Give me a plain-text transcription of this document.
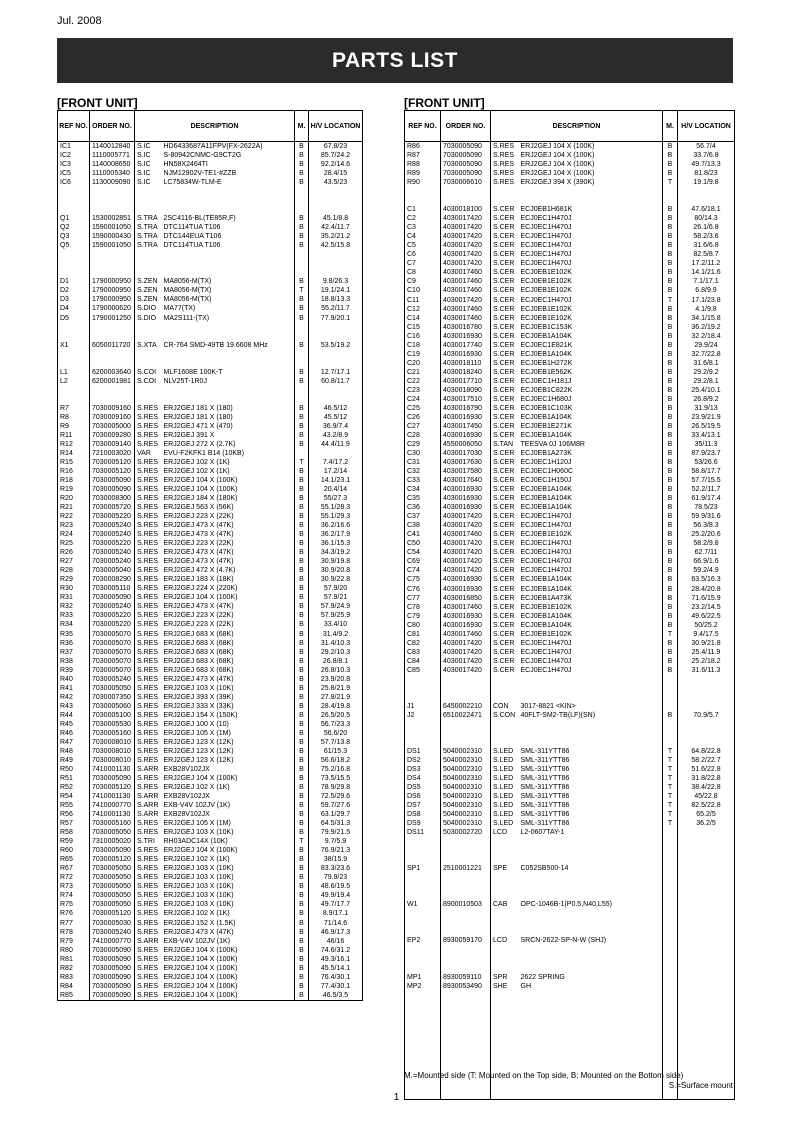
Jul. 2008
PARTS LIST
[FRONT UNIT]
REF NO.	ORDER NO.	DESCRIPTION		M.	H/V LOCATION
IC1	1140012840	S.IC	HD6433687A11FPV(FX-2622A)	B	67.8/23
IC2	1110005771	S.IC	S-80942CNMC-G9CT2G	B	85.7/24.2
IC3	1140008650	S.IC	HN58X2464TI	B	92.2/14.6
IC5	1110005340	S.IC	NJM12902V-TE1-#ZZB	B	28.4/15
IC6	1130009090	S.IC	LC75834W-TLM-E	B	43.5/23

Q1	1530002851	S.TRA	2SC4116-BL(TE85R,F)	B	45.1/8.8
Q2	1590001050	S.TRA	DTC114TUA T106	B	42.4/11.7
Q3	1590000430	S.TRA	DTC144EUA T106	B	35.2/21.2
Q5	1590001050	S.TRA	DTC114TUA T106	B	42.5/15.8

D1	1790000950	S.ZEN	MA8056-M(TX)	B	9.8/26.3
D2	1790000950	S.ZEN	MA8056-M(TX)	T	19.1/24.1
D3	1790000950	S.ZEN	MA8056-M(TX)	B	18.8/13.3
D4	1790000620	S.DIO	MA77(TX)	B	55.2/11.7
D5	1790001250	S.DIO	MA2S111-(TX)	B	77.9/20.1

X1	6050011720	S.XTA	CR-764 SMD-49TB 19.6608 MHz	B	53.5/19.2

L1	6200003640	S.COI	MLF1608E 100K-T	B	12.7/17.1
L2	6200001981	S.COI	NLV25T-1R0J	B	60.8/11.7

R7	7030009160	S.RES	ERJ2GEJ 181 X (180)	B	46.5/12
R8	7030009160	S.RES	ERJ2GEJ 181 X (180)	B	45.5/12
R9	7030005000	S.RES	ERJ2GEJ 471 X (470)	B	36.9/7.4
R11	7030009280	S.RES	ERJ2GEJ 391 X	B	43.2/8.9
R12	7030009140	S.RES	ERJ2GEJ 272 X (2.7K)	B	44.4/11.9
R14	7210003020	VAR	EVU-F2KFK1 B14 (10KB)		
R15	7030005120	S.RES	ERJ2GEJ 102 X (1K)	T	7.4/17.2
R16	7030005120	S.RES	ERJ2GEJ 102 X (1K)	B	17.2/14
R18	7030005090	S.RES	ERJ2GEJ 104 X (100K)	B	14.1/23.1
R19	7030005090	S.RES	ERJ2GEJ 104 X (100K)	B	20.4/14
R20	7030008300	S.RES	ERJ2GEJ 184 X (180K)	B	55/27.3
R21	7030005720	S.RES	ERJ2GEJ 563 X (56K)	B	55.1/28.3
R22	7030005220	S.RES	ERJ2GEJ 223 X (22K)	B	55.1/29.3
R23	7030005240	S.RES	ERJ2GEJ 473 X (47K)	B	36.2/16.6
R24	7030005240	S.RES	ERJ2GEJ 473 X (47K)	B	36.2/17.9
R25	7030005220	S.RES	ERJ2GEJ 223 X (22K)	B	36.1/15.3
R26	7030005240	S.RES	ERJ2GEJ 473 X (47K)	B	34.3/19.2
R27	7030005240	S.RES	ERJ2GEJ 473 X (47K)	B	30.9/19.8
R28	7030005040	S.RES	ERJ2GEJ 472 X (4.7K)	B	30.9/20.8
R29	7030008290	S.RES	ERJ2GEJ 183 X (18K)	B	30.9/22.8
R30	7030005110	S.RES	ERJ2GEJ 224 X (220K)	B	57.9/20
R31	7030005090	S.RES	ERJ2GEJ 104 X (100K)	B	57.9/21
R32	7030005240	S.RES	ERJ2GEJ 473 X (47K)	B	57.9/24.9
R33	7030005220	S.RES	ERJ2GEJ 223 X (22K)	B	57.9/25.9
R34	7030005220	S.RES	ERJ2GEJ 223 X (22K)	B	33.4/10
R35	7030005070	S.RES	ERJ2GEJ 683 X (68K)	B	31.4/9.2
R36	7030005070	S.RES	ERJ2GEJ 683 X (68K)	B	31.4/10.3
R37	7030005070	S.RES	ERJ2GEJ 683 X (68K)	B	29.2/10.3
R38	7030005070	S.RES	ERJ2GEJ 683 X (68K)	B	26.8/8.1
R39	7030005070	S.RES	ERJ2GEJ 683 X (68K)	B	26.8/10.3
R40	7030005240	S.RES	ERJ2GEJ 473 X (47K)	B	23.9/20.8
R41	7030005050	S.RES	ERJ2GEJ 103 X (10K)	B	25.8/21.9
R42	7030007350	S.RES	ERJ2GEJ 393 X (39K)	B	27.8/21.9
R43	7030005060	S.RES	ERJ2GEJ 333 X (33K)	B	28.4/19.8
R44	7030005100	S.RES	ERJ2GEJ 154 X (150K)	B	26.5/20.5
R45	7030005530	S.RES	ERJ2GEJ 100 X (10)	B	56.7/23.3
R46	7030005160	S.RES	ERJ2GEJ 105 X (1M)	B	56.6/20
R47	7030008010	S.RES	ERJ2GEJ 123 X (12K)	B	57.7/13.8
R48	7030008010	S.RES	ERJ2GEJ 123 X (12K)	B	61/15.3
R49	7030008010	S.RES	ERJ2GEJ 123 X (12K)	B	56.6/18.2
R50	7410001130	S.ARR	EXB28V102JX	B	75.2/16.8
R51	7030005090	S.RES	ERJ2GEJ 104 X (100K)	B	73.5/15.5
R52	7030005120	S.RES	ERJ2GEJ 102 X (1K)	B	78.9/29.8
R54	7410001130	S.ARR	EXB28V102JX	B	72.5/29.6
R55	7410000770	S.ARR	EXB-V4V 102JV (1K)	B	59.7/27.6
R56	7410001130	S.ARR	EXB28V102JX	B	63.1/29.7
R57	7030005160	S.RES	ERJ2GEJ 105 X (1M)	B	64.5/31.3
R58	7030005050	S.RES	ERJ2GEJ 103 X (10K)	B	79.9/21.5
R59	7310005020	S.TRI	RH03ADC14X (10K)	T	9.7/5.9
R60	7030005090	S.RES	ERJ2GEJ 104 X (100K)	B	76.9/21.3
R65	7030005120	S.RES	ERJ2GEJ 102 X (1K)	B	38/15.9
R67	7030005050	S.RES	ERJ2GEJ 103 X (10K)	B	83.3/23.6
R72	7030005050	S.RES	ERJ2GEJ 103 X (10K)	B	79.9/23
R73	7030005050	S.RES	ERJ2GEJ 103 X (10K)	B	48.6/19.5
R74	7030005050	S.RES	ERJ2GEJ 103 X (10K)	B	49.9/19.4
R75	7030005050	S.RES	ERJ2GEJ 103 X (10K)	B	49.7/17.7
R76	7030005120	S.RES	ERJ2GEJ 102 X (1K)	B	8.9/17.1
R77	7030005030	S.RES	ERJ2GEJ 152 X (1.5K)	B	71/14.6
R78	7030005240	S.RES	ERJ2GEJ 473 X (47K)	B	46.9/17.3
R79	7410000770	S.ARR	EXB-V4V 102JV (1K)	B	46/16
R80	7030005090	S.RES	ERJ2GEJ 104 X (100K)	B	74.6/31.2
R81	7030005090	S.RES	ERJ2GEJ 104 X (100K)	B	49.3/16.1
R82	7030005090	S.RES	ERJ2GEJ 104 X (100K)	B	45.5/14.1
R83	7030005090	S.RES	ERJ2GEJ 104 X (100K)	B	76.4/30.1
R84	7030005090	S.RES	ERJ2GEJ 104 X (100K)	B	77.4/30.1
R85	7030005090	S.RES	ERJ2GEJ 104 X (100K)	B	46.5/3.5
[FRONT UNIT]
REF NO.	ORDER NO.	DESCRIPTION		M.	H/V LOCATION
R86	7030005090	S.RES	ERJ2GEJ 104 X (100K)	B	56.7/4
R87	7030005090	S.RES	ERJ2GEJ 104 X (100K)	B	33.7/6.8
R88	7030005090	S.RES	ERJ2GEJ 104 X (100K)	B	49.7/13.3
R89	7030005090	S.RES	ERJ2GEJ 104 X (100K)	B	81.8/23
R90	7030006610	S.RES	ERJ2GEJ 394 X (390K)	T	19.1/9.8

C1	4030018100	S.CER	ECJ0EB1H681K	B	47.6/18.1
C2	4030017420	S.CER	ECJ0EC1H470J	B	80/14.3
C3	4030017420	S.CER	ECJ0EC1H470J	B	26.1/6.8
C4	4030017420	S.CER	ECJ0EC1H470J	B	58.2/3.6
C5	4030017420	S.CER	ECJ0EC1H470J	B	31.6/6.8
C6	4030017420	S.CER	ECJ0EC1H470J	B	82.5/8.7
C7	4030017420	S.CER	ECJ0EC1H470J	B	17.2/11.2
C8	4030017460	S.CER	ECJ0EB1E102K	B	14.1/21.6
C9	4030017460	S.CER	ECJ0EB1E102K	B	7.1/17.1
C10	4030017460	S.CER	ECJ0EB1E102K	B	6.8/9.9
C11	4030017420	S.CER	ECJ0EC1H470J	T	17.1/23.8
C12	4030017460	S.CER	ECJ0EB1E102K	B	4.1/9.8
C14	4030017460	S.CER	ECJ0EB1E102K	B	34.1/15.8
C15	4030016780	S.CER	ECJ0EB1C153K	B	36.2/19.2
C16	4030016930	S.CER	ECJ0EB1A104K	B	32.2/18.4
C18	4030017740	S.CER	ECJ0EC1E821K	B	29.9/24
C19	4030016930	S.CER	ECJ0EB1A104K	B	32.7/22.8
C20	4030018110	S.CER	ECJ0EB1H272K	B	31.6/8.1
C21	4030018240	S.CER	ECJ0EB1E562K	B	29.2/9.2
C22	4030017710	S.CER	ECJ0EC1H181J	B	29.2/8.1
C23	4030018090	S.CER	ECJ0EB1C822K	B	25.4/10.1
C24	4030017510	S.CER	ECJ0EC1H680J	B	26.8/9.2
C25	4030016790	S.CER	ECJ0EB1C103K	B	31.9/13
C26	4030016930	S.CER	ECJ0EB1A104K	B	23.9/21.9
C27	4030017450	S.CER	ECJ0EB1E271K	B	26.5/19.5
C28	4030016930	S.CER	ECJ0EB1A104K	B	33.4/13.1
C29	4550006050	S.TAN	TEESVA 0J 106M8R	B	35/11.3
C30	4030017030	S.CER	ECJ0EB1A273K	B	87.9/23.7
C31	4030017630	S.CER	ECJ0EC1H120J	B	53/26.6
C32	4030017580	S.CER	ECJ0EC1H060C	B	58.8/17.7
C33	4030017640	S.CER	ECJ0EC1H150J	B	57.7/15.5
C34	4030016930	S.CER	ECJ0EB1A104K	B	52.2/11.7
C35	4030016930	S.CER	ECJ0EB1A104K	B	61.9/17.4
C36	4030016930	S.CER	ECJ0EB1A104K	B	78.5/23
C37	4030017420	S.CER	ECJ0EC1H470J	B	59.9/31.6
C38	4030017420	S.CER	ECJ0EC1H470J	B	56.3/8.3
C41	4030017460	S.CER	ECJ0EB1E102K	B	25.2/20.6
C50	4030017420	S.CER	ECJ0EC1H470J	B	58.2/9.8
C54	4030017420	S.CER	ECJ0EC1H470J	B	62.7/11
C69	4030017420	S.CER	ECJ0EC1H470J	B	66.9/1.6
C74	4030017420	S.CER	ECJ0EC1H470J	B	59.2/4.9
C75	4030016930	S.CER	ECJ0EB1A104K	B	63.5/16.3
C76	4030016930	S.CER	ECJ0EB1A104K	B	28.4/20.8
C77	4030016850	S.CER	ECJ0EB1A473K	B	71.6/15.9
C78	4030017460	S.CER	ECJ0EB1E102K	B	23.2/14.5
C79	4030016930	S.CER	ECJ0EB1A104K	B	49.6/22.5
C80	4030016930	S.CER	ECJ0EB1A104K	B	50/25.2
C81	4030017460	S.CER	ECJ0EB1E102K	T	9.4/17.5
C82	4030017420	S.CER	ECJ0EC1H470J	B	30.9/21.8
C83	4030017420	S.CER	ECJ0EC1H470J	B	25.4/11.9
C84	4030017420	S.CER	ECJ0EC1H470J	B	25.2/18.2
C85	4030017420	S.CER	ECJ0EC1H470J	B	31.6/11.3

J1	6450002210	CON	3017-8821 <KIN>		
J2	6510022471	S.CON	40FLT-SM2-TB(LF)(SN)	B	70.9/5.7

DS1	5040002310	S.LED	SML-311YTT86	T	64.8/22.8
DS2	5040002310	S.LED	SML-311YTT86	T	58.2/22.7
DS3	5040002310	S.LED	SML-311YTT86	T	51.6/22.8
DS4	5040002310	S.LED	SML-311YTT86	T	31.8/22.8
DS5	5040002310	S.LED	SML-311YTT86	T	38.4/22.8
DS6	5040002310	S.LED	SML-311YTT86	T	45/22.8
DS7	5040002310	S.LED	SML-311YTT86	T	82.5/22.8
DS8	5040002310	S.LED	SML-311YTT86	T	65.2/5
DS9	5040002310	S.LED	SML-311YTT86	T	36.2/5
DS11	5030002720	LCD	L2-0607TAY-1		

SP1	2510001221	SPE	C052SB500-14		

W1	8900010503	CAB	OPC-1046B-1(P0.5,N40,L55)		

EP2	8930059170	LCD	SRCN-2622-SP-N-W (SHJ)		

MP1	8930059110	SPR	2622 SPRING		
MP2	8930053490	SHE	GH		

M.=Mounted side (T: Mounted on the Top side, B: Mounted on the Bottom side)
S.=Surface mount
1
